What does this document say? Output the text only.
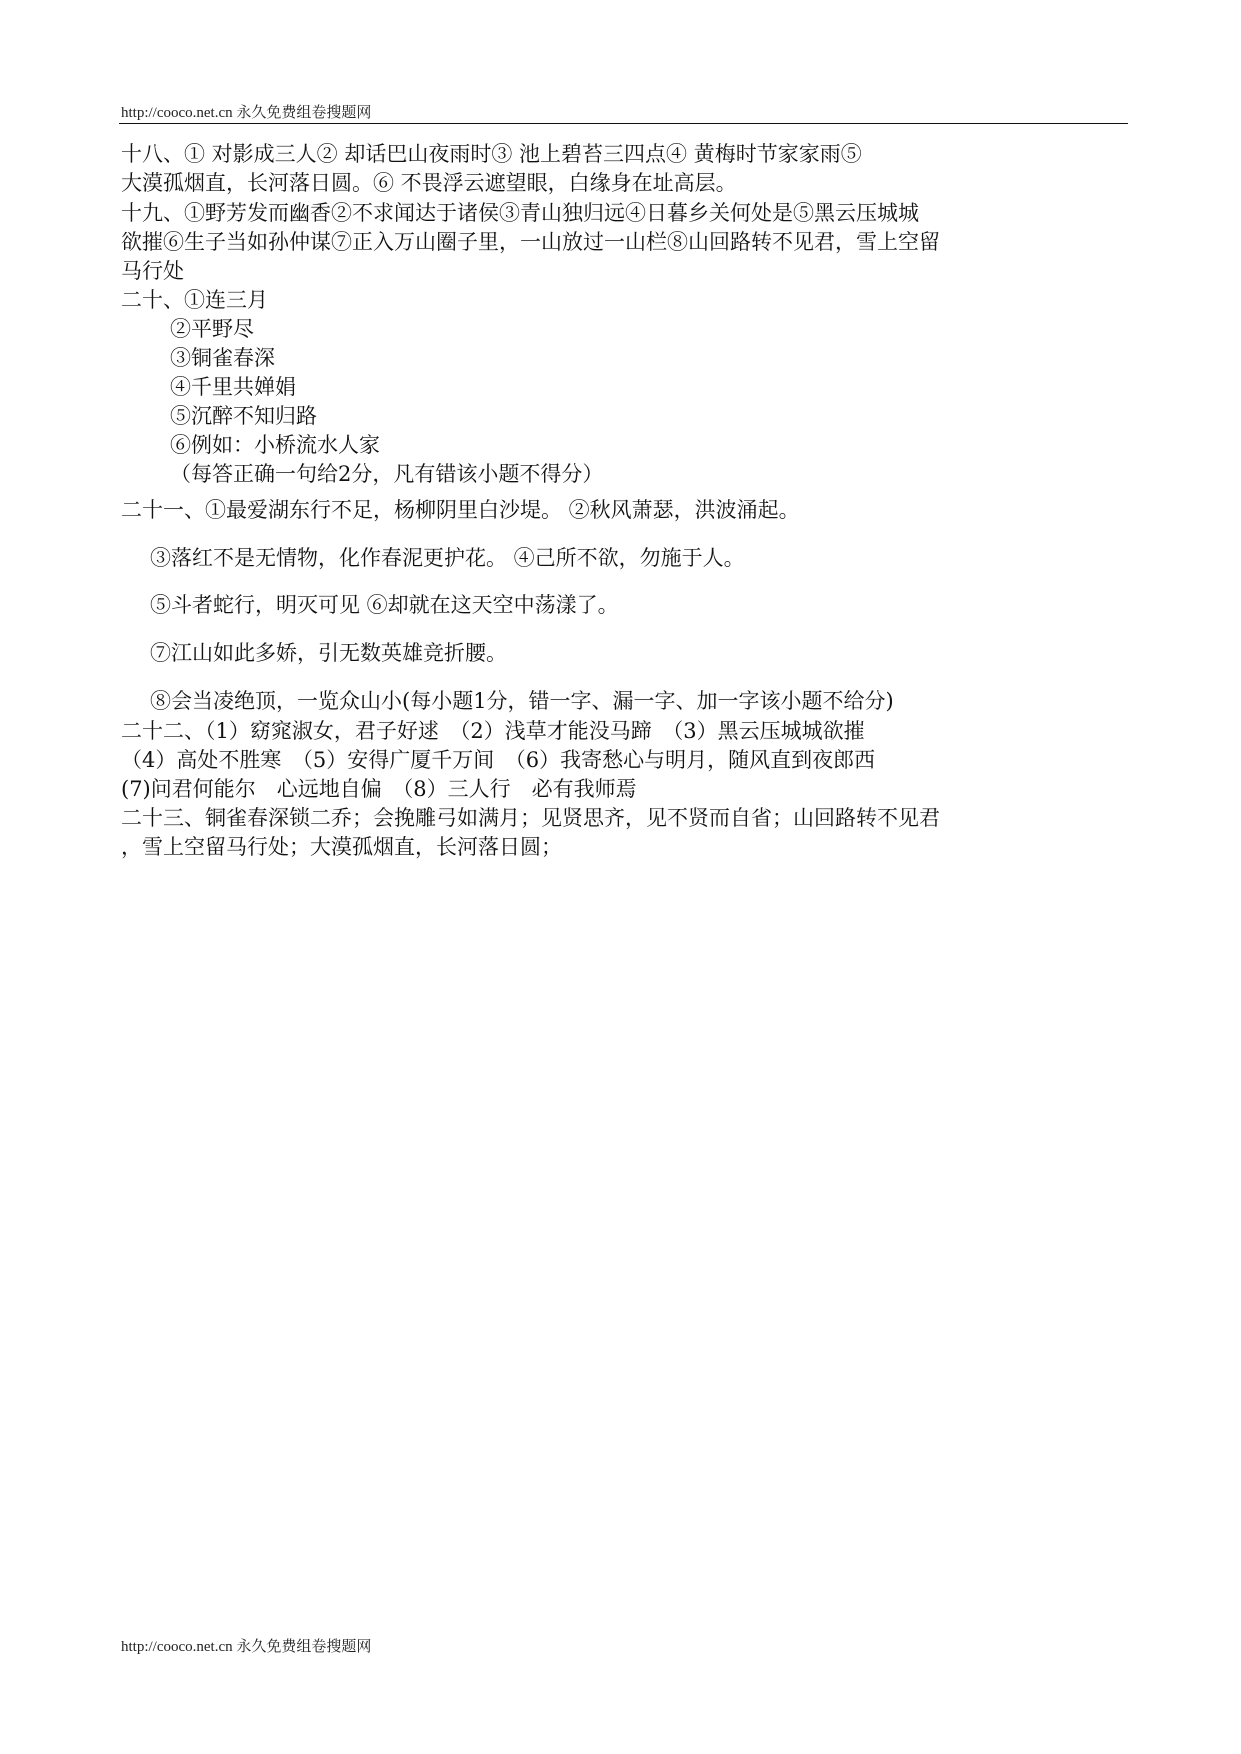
http://cooco.net.cn 永久免费组卷搜题网
十八、① 对影成三人② 却话巴山夜雨时③ 池上碧苔三四点④ 黄梅时节家家雨⑤
大漠孤烟直，长河落日圆。⑥ 不畏浮云遮望眼，白缘身在址高层。
十九、①野芳发而幽香②不求闻达于诸侯③青山独归远④日暮乡关何处是⑤黑云压城城
欲摧⑥生子当如孙仲谋⑦正入万山圈子里，一山放过一山栏⑧山回路转不见君，雪上空留
马行处
二十、①连三月
②平野尽
③铜雀春深
④千里共婵娟
⑤沉醉不知归路
⑥例如：小桥流水人家
（每答正确一句给2分，凡有错该小题不得分）
二十一、①最爱湖东行不足，杨柳阴里白沙堤。 ②秋风萧瑟，洪波涌起。
③落红不是无情物，化作春泥更护花。 ④己所不欲，勿施于人。
⑤斗者蛇行，明灭可见 ⑥却就在这天空中荡漾了。
⑦江山如此多娇，引无数英雄竞折腰。
⑧会当凌绝顶，一览众山小(每小题1分，错一字、漏一字、加一字该小题不给分)
二十二、（1）窈窕淑女，君子好逑　（2）浅草才能没马蹄　（3）黑云压城城欲摧
（4）高处不胜寒　（5）安得广厦千万间　（6）我寄愁心与明月，随风直到夜郎西
(7)问君何能尔　心远地自偏　（8）三人行　必有我师焉
二十三、铜雀春深锁二乔；会挽雕弓如满月；见贤思齐，见不贤而自省；山回路转不见君
，雪上空留马行处；大漠孤烟直，长河落日圆；
http://cooco.net.cn 永久免费组卷搜题网
